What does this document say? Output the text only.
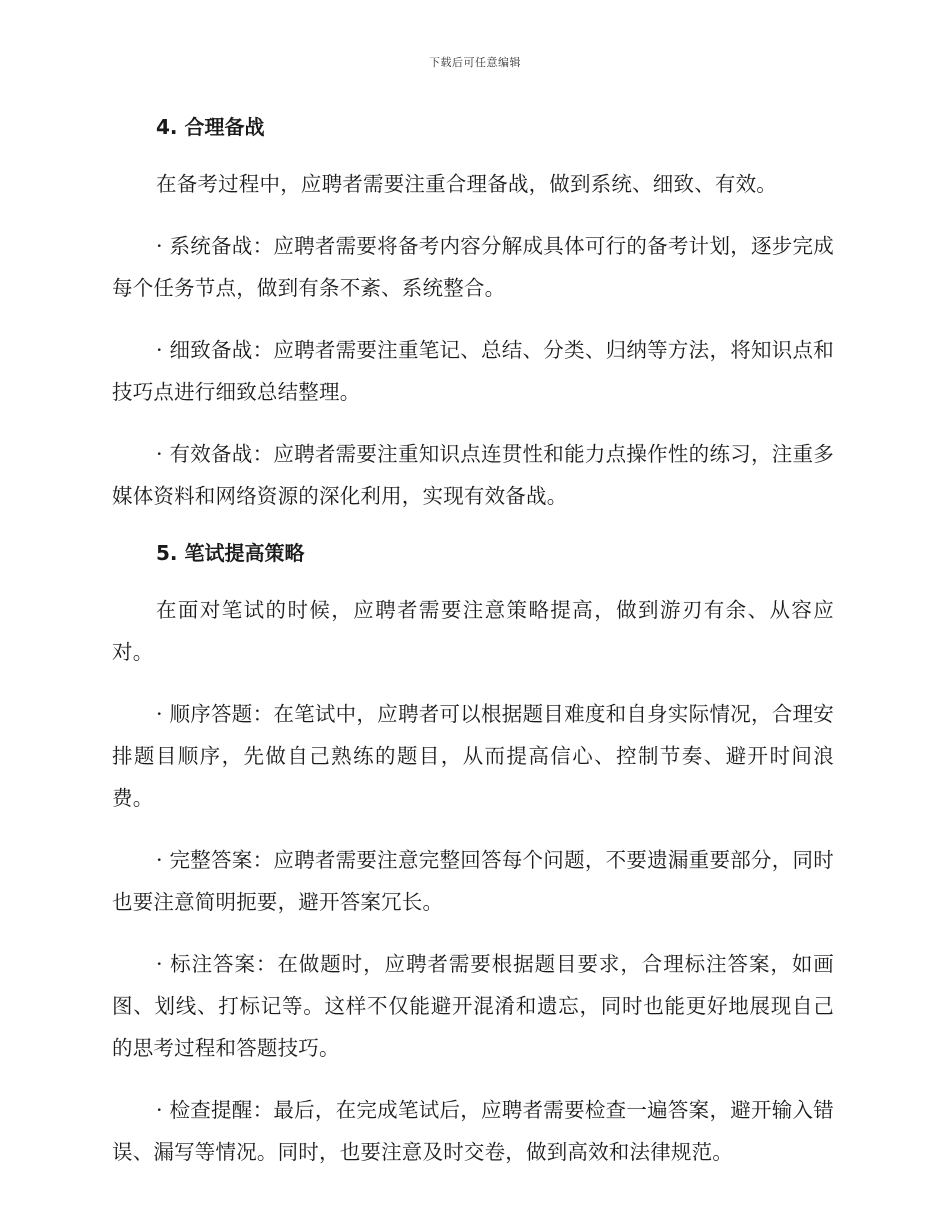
下载后可任意编辑
4. 合理备战

在备考过程中，应聘者需要注重合理备战，做到系统、细致、有效。

· 系统备战：应聘者需要将备考内容分解成具体可行的备考计划，逐步完成每个任务节点，做到有条不紊、系统整合。

· 细致备战：应聘者需要注重笔记、总结、分类、归纳等方法，将知识点和技巧点进行细致总结整理。

· 有效备战：应聘者需要注重知识点连贯性和能力点操作性的练习，注重多媒体资料和网络资源的深化利用，实现有效备战。

5. 笔试提高策略

在面对笔试的时候，应聘者需要注意策略提高，做到游刃有余、从容应对。

· 顺序答题：在笔试中，应聘者可以根据题目难度和自身实际情况，合理安排题目顺序，先做自己熟练的题目，从而提高信心、控制节奏、避开时间浪费。

· 完整答案：应聘者需要注意完整回答每个问题，不要遗漏重要部分，同时也要注意简明扼要，避开答案冗长。

· 标注答案：在做题时，应聘者需要根据题目要求，合理标注答案，如画图、划线、打标记等。这样不仅能避开混淆和遗忘，同时也能更好地展现自己的思考过程和答题技巧。

· 检查提醒：最后，在完成笔试后，应聘者需要检查一遍答案，避开输入错误、漏写等情况。同时，也要注意及时交卷，做到高效和法律规范。
